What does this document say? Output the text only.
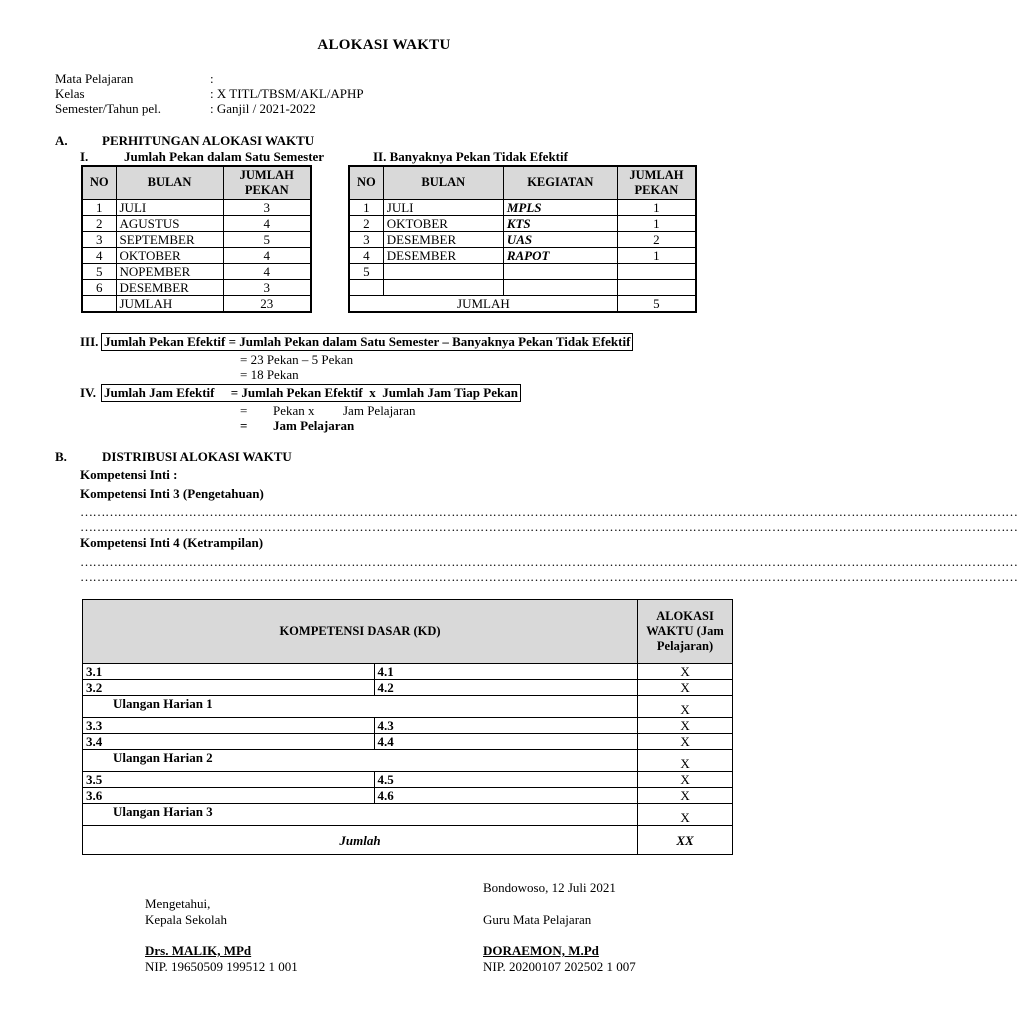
ALOKASI WAKTU
Mata Pelajaran	:
Kelas	: X TITL/TBSM/AKL/APHP
Semester/Tahun pel.	: Ganjil / 2021-2022
A.	PERHITUNGAN ALOKASI WAKTU
I.	Jumlah Pekan dalam Satu Semester	II. Banyaknya Pekan Tidak Efektif
NO	BULAN	JUMLAH PEKAN
1	JULI	3
2	AGUSTUS	4
3	SEPTEMBER	5
4	OKTOBER	4
5	NOPEMBER	4
6	DESEMBER	3
	JUMLAH	23
NO	BULAN	KEGIATAN	JUMLAH PEKAN
1	JULI	MPLS	1
2	OKTOBER	KTS	1
3	DESEMBER	UAS	2
4	DESEMBER	RAPOT	1
5			

JUMLAH			5
III. Jumlah Pekan Efektif = Jumlah Pekan dalam Satu Semester – Banyaknya Pekan Tidak Efektif
= 23 Pekan – 5 Pekan
= 18 Pekan
IV. Jumlah Jam Efektif     = Jumlah Pekan Efektif  x  Jumlah Jam Tiap Pekan
= Pekan x Jam Pelajaran
= Jam Pelajaran
B.	DISTRIBUSI ALOKASI WAKTU
Kompetensi Inti :
Kompetensi Inti 3 (Pengetahuan)
………………………………………………………………………………………………………………………………………………………………………………………………………
………………………………………………………………………………………………………………………………………………………………………………………………………
Kompetensi Inti 4 (Ketrampilan)
………………………………………………………………………………………………………………………………………………………………………………………………………
………………………………………………………………………………………………………………………………………………………………………………………………………
KOMPETENSI DASAR (KD)		ALOKASI WAKTU (Jam Pelajaran)
3.1	4.1	X
3.2	4.2	X
Ulangan Harian 1		X
3.3	4.3	X
3.4	4.4	X
Ulangan Harian 2		X
3.5	4.5	X
3.6	4.6	X
Ulangan Harian 3		X
Jumlah		XX
Bondowoso, 12 Juli 2021
Mengetahui,
Kepala Sekolah	Guru Mata Pelajaran
Drs. MALIK, MPd	DORAEMON, M.Pd
NIP. 19650509 199512 1 001	NIP. 20200107 202502 1 007
